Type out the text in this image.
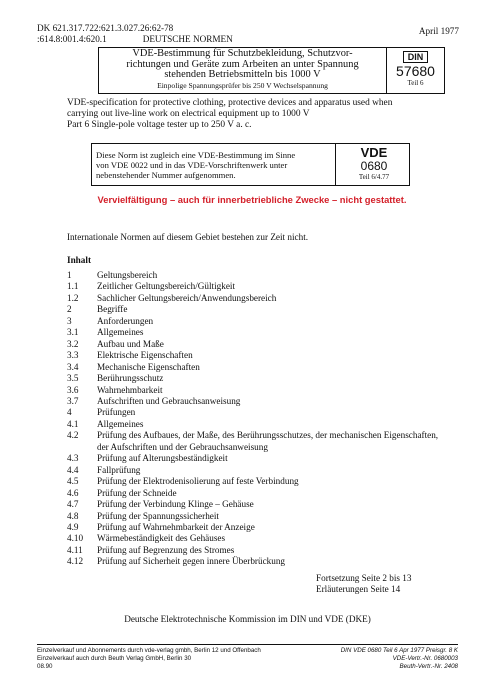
DK 621.317.722:621.3.027.26:62-78
:614.8:001.4:620.1	DEUTSCHE NORMEN
April 1977
VDE-Bestimmung für Schutzbekleidung, Schutzvor-
richtungen und Geräte zum Arbeiten an unter Spannung
stehenden Betriebsmitteln bis 1000 V
Einpolige Spannungsprüfer bis 250 V Wechselspannung
DIN
57680
Teil 6
VDE-specification for protective clothing, protective devices and apparatus used when
carrying out live-line work on electrical equipment up to 1000 V
Part 6 Single-pole voltage tester up to 250 V a. c.
Diese Norm ist zugleich eine VDE-Bestimmung im Sinne
von VDE 0022 und in das VDE-Vorschriftenwerk unter
nebenstehender Nummer aufgenommen.
VDE
0680
Teil 6/4.77
Vervielfältigung – auch für innerbetriebliche Zwecke – nicht gestattet.
Internationale Normen auf diesem Gebiet bestehen zur Zeit nicht.
Inhalt
1	Geltungsbereich
1.1	Zeitlicher Geltungsbereich/Gültigkeit
1.2	Sachlicher Geltungsbereich/Anwendungsbereich
2	Begriffe
3	Anforderungen
3.1	Allgemeines
3.2	Aufbau und Maße
3.3	Elektrische Eigenschaften
3.4	Mechanische Eigenschaften
3.5	Berührungsschutz
3.6	Wahrnehmbarkeit
3.7	Aufschriften und Gebrauchsanweisung
4	Prüfungen
4.1	Allgemeines
4.2	Prüfung des Aufbaues, der Maße, des Berührungsschutzes, der mechanischen Eigenschaften, der Aufschriften und der Gebrauchsanweisung
4.3	Prüfung auf Alterungsbeständigkeit
4.4	Fallprüfung
4.5	Prüfung der Elektrodenisolierung auf feste Verbindung
4.6	Prüfung der Schneide
4.7	Prüfung der Verbindung Klinge – Gehäuse
4.8	Prüfung der Spannungssicherheit
4.9	Prüfung auf Wahrnehmbarkeit der Anzeige
4.10	Wärmebeständigkeit des Gehäuses
4.11	Prüfung auf Begrenzung des Stromes
4.12	Prüfung auf Sicherheit gegen innere Überbrückung
Fortsetzung Seite 2 bis 13
Erläuterungen Seite 14
Deutsche Elektrotechnische Kommission im DIN und VDE (DKE)
Einzelverkauf und Abonnements durch vde-verlag gmbh, Berlin 12 und Offenbach
Einzelverkauf auch durch Beuth Verlag GmbH, Berlin 30
08.90
DIN VDE 0680 Teil 6 Apr 1977 Preisgr. 8 K
VDE-Vertr.-Nr. 0680003
Beuth-Vertr.-Nr. 2408
